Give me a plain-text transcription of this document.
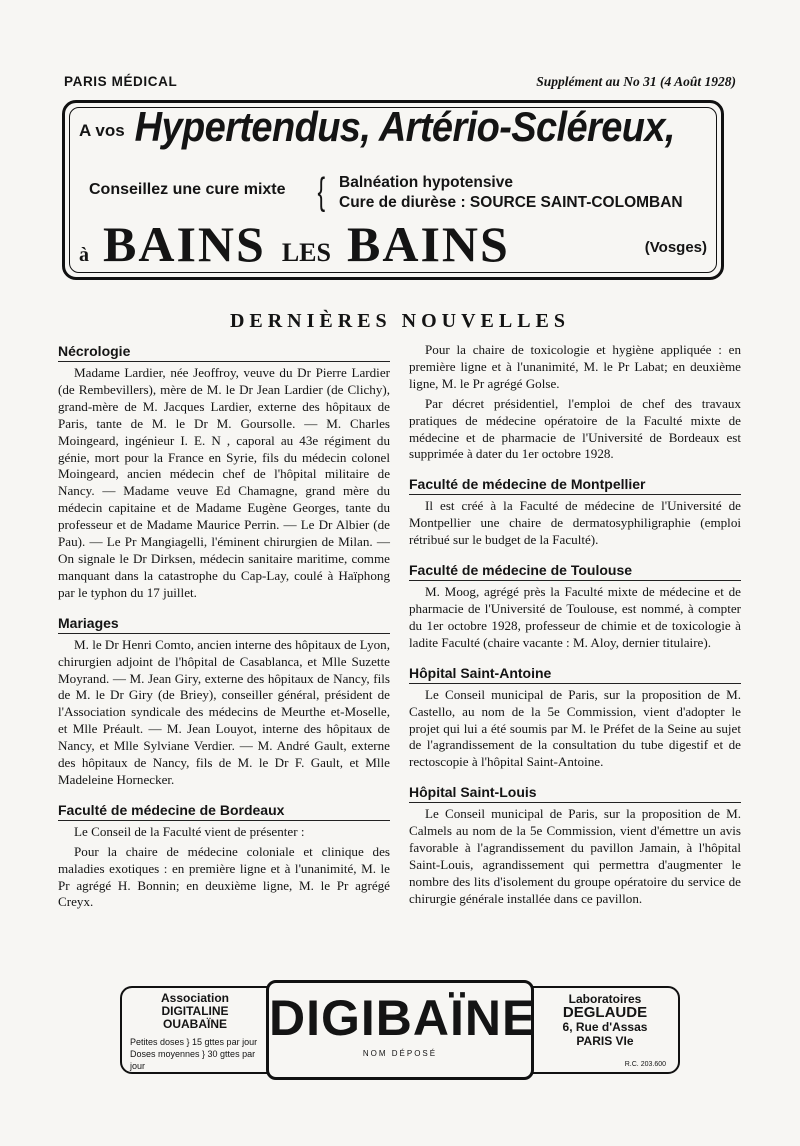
PARIS MÉDICAL	Supplément au No 31 (4 Août 1928)
A vos Hypertendus, Artério-Scléreux,
Conseillez une cure mixte { Balnéation hypotensive
Cure de diurèse : SOURCE SAINT-COLOMBAN
à BAINS LES BAINS	(Vosges)
DERNIÈRES NOUVELLES
Nécrologie

Madame Lardier, née Jeoffroy, veuve du Dr Pierre Lardier (de Rembevillers), mère de M. le Dr Jean Lardier (de Clichy), grand-mère de M. Jacques Lardier, externe des hôpitaux de Paris, tante de M. le Dr M. Goursolle. — M. Charles Moingeard, ingénieur I. E. N , caporal au 43e régiment du génie, mort pour la France en Syrie, fils du médecin colonel Moingeard, ancien médecin chef de l'hôpital militaire de Nancy. — Madame veuve Ed Chamagne, grand mère du médecin capitaine et de Madame Eugène Georges, tante du professeur et de Madame Maurice Perrin. — Le Dr Albier (de Pau). — Le Pr Mangiagelli, l'éminent chirurgien de Milan. — On signale le Dr Dirksen, médecin sanitaire maritime, comme manquant dans la catastrophe du Cap-Lay, coulé à Haïphong par le typhon du 17 juillet.

Mariages

M. le Dr Henri Comto, ancien interne des hôpitaux de Lyon, chirurgien adjoint de l'hôpital de Casablanca, et Mlle Suzette Moyrand. — M. Jean Giry, externe des hôpitaux de Nancy, fils de M. le Dr Giry (de Briey), conseiller général, président de l'Association syndicale des médecins de Meurthe et-Moselle, et Mlle Préault. — M. Jean Louyot, interne des hôpitaux de Nancy, et Mlle Sylviane Verdier. — M. André Gault, externe des hôpitaux de Nancy, fils de M. le Dr F. Gault, et Mlle Madeleine Hornecker.

Faculté de médecine de Bordeaux

Le Conseil de la Faculté vient de présenter :

Pour la chaire de médecine coloniale et clinique des maladies exotiques : en première ligne et à l'unanimité, M. le Pr agrégé H. Bonnin; en deuxième ligne, M. le Pr agrégé Creyx.

Pour la chaire de toxicologie et hygiène appliquée : en première ligne et à l'unanimité, M. le Pr Labat; en deuxième ligne, M. le Pr agrégé Golse.

Par décret présidentiel, l'emploi de chef des travaux pratiques de médecine opératoire de la Faculté mixte de médecine et de pharmacie de l'Université de Bordeaux est supprimée à dater du 1er octobre 1928.

Faculté de médecine de Montpellier

Il est créé à la Faculté de médecine de l'Université de Montpellier une chaire de dermatosyphiligraphie (emploi rétribué sur le budget de la Faculté).

Faculté de médecine de Toulouse

M. Moog, agrégé près la Faculté mixte de médecine et de pharmacie de l'Université de Toulouse, est nommé, à compter du 1er octobre 1928, professeur de chimie et de toxicologie à ladite Faculté (chaire vacante : M. Aloy, dernier titulaire).

Hôpital Saint-Antoine

Le Conseil municipal de Paris, sur la proposition de M. Castello, au nom de la 5e Commission, vient d'adopter le projet qui lui a été soumis par M. le Préfet de la Seine au sujet de l'agrandissement de la consultation du tube digestif et de rectoscopie à l'hôpital Saint-Antoine.

Hôpital Saint-Louis

Le Conseil municipal de Paris, sur la proposition de M. Calmels au nom de la 5e Commission, vient d'émettre un avis favorable à l'agrandissement du pavillon Jamain, à l'hôpital Saint-Louis, agrandissement qui permettra d'augmenter le nombre des lits d'isolement du groupe opératoire du service de chirurgie générale installée dans ce pavillon.

Association
DIGITALINE
OUABAÏNE
Petites doses } 15 gttes par jour
Doses moyennes } 30 gttes par jour
Laboratoires
DEGLAUDE
6, Rue d'Assas
PARIS VIe
R.C. 203.600
DIGIBAÏNE
NOM DÉPOSÉ
